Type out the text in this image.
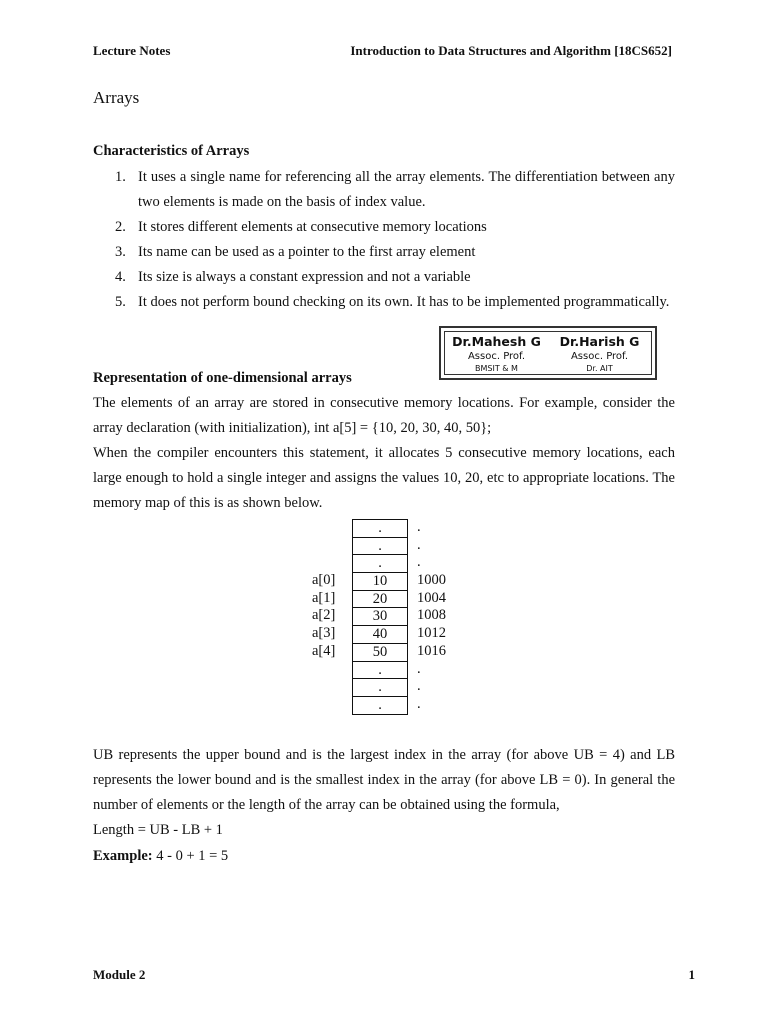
Lecture Notes	Introduction to Data Structures and Algorithm [18CS652]
Arrays
Characteristics of Arrays
1. It uses a single name for referencing all the array elements. The differentiation between any two elements is made on the basis of index value.
2. It stores different elements at consecutive memory locations
3. Its name can be used as a pointer to the first array element
4. Its size is always a constant expression and not a variable
5. It does not perform bound checking on its own. It has to be implemented programmatically.
Dr.Mahesh G
Assoc. Prof.
BMSIT & M
Dr.Harish G
Assoc. Prof.
Dr. AIT
Representation of one-dimensional arrays
The elements of an array are stored in consecutive memory locations. For example, consider the array declaration (with initialization), int a[5] = {10, 20, 30, 40, 50};
When the compiler encounters this statement, it allocates 5 consecutive memory locations, each large enough to hold a single integer and assigns the values 10, 20, etc to appropriate locations. The memory map of this is as shown below.
.	.
.	.
.	.
a[0]	10	1000
a[1]	20	1004
a[2]	30	1008
a[3]	40	1012
a[4]	50	1016
.	.
.	.
.	.
UB represents the upper bound and is the largest index in the array (for above UB = 4) and LB represents the lower bound and is the smallest index in the array (for above LB = 0). In general the number of elements or the length of the array can be obtained using the formula,
Length = UB - LB + 1
Example: 4 - 0 + 1 = 5
Module 2	1
